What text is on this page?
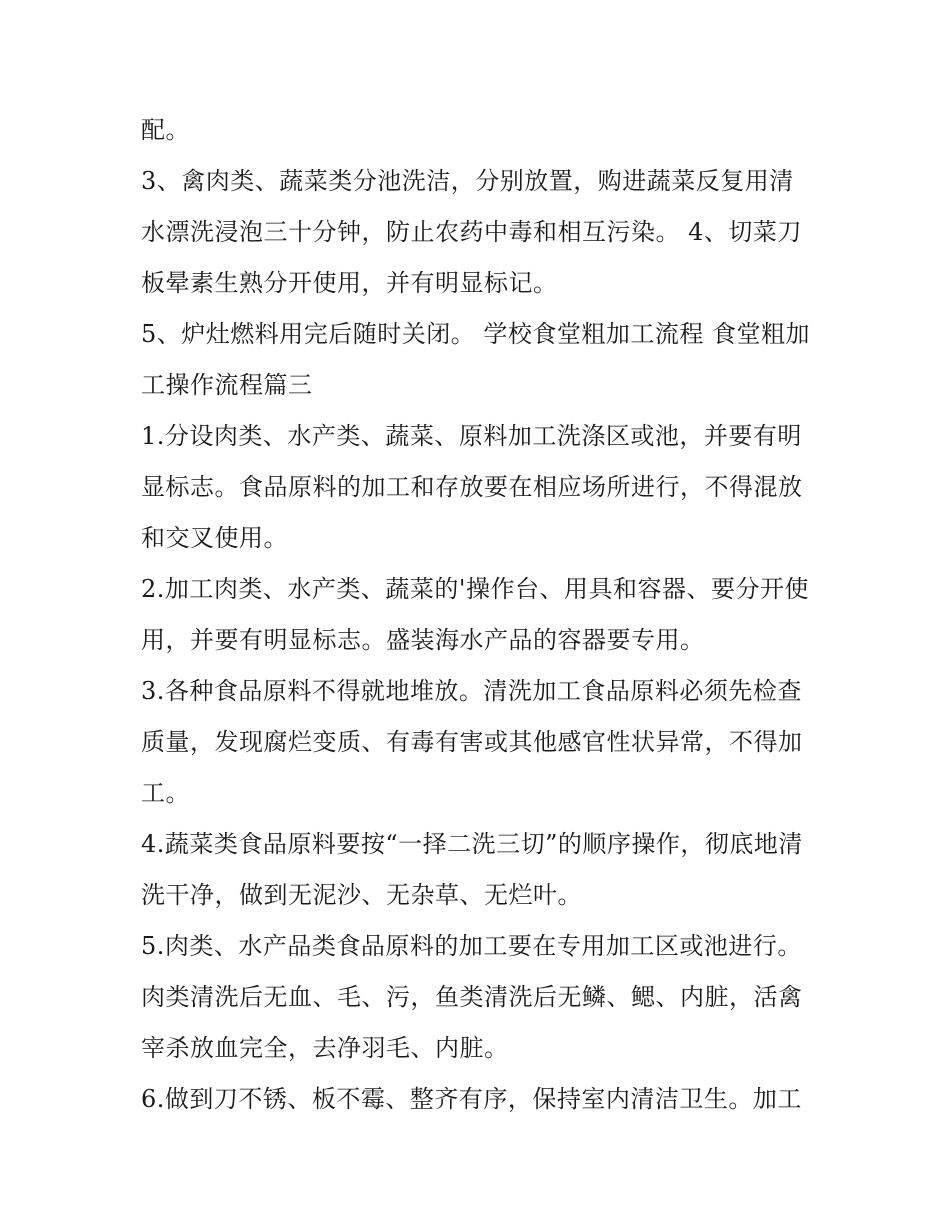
配。
3、禽肉类、蔬菜类分池洗洁，分别放置，购进蔬菜反复用清
水漂洗浸泡三十分钟，防止农药中毒和相互污染。 4、切菜刀
板晕素生熟分开使用，并有明显标记。
5、炉灶燃料用完后随时关闭。 学校食堂粗加工流程 食堂粗加
工操作流程篇三
1.分设肉类、水产类、蔬菜、原料加工洗涤区或池，并要有明
显标志。食品原料的加工和存放要在相应场所进行，不得混放
和交叉使用。
2.加工肉类、水产类、蔬菜的'操作台、用具和容器、要分开使
用，并要有明显标志。盛装海水产品的容器要专用。
3.各种食品原料不得就地堆放。清洗加工食品原料必须先检查
质量，发现腐烂变质、有毒有害或其他感官性状异常，不得加
工。
4.蔬菜类食品原料要按“一择二洗三切”的顺序操作，彻底地清
洗干净，做到无泥沙、无杂草、无烂叶。
5.肉类、水产品类食品原料的加工要在专用加工区或池进行。
肉类清洗后无血、毛、污，鱼类清洗后无鳞、鳃、内脏，活禽
宰杀放血完全，去净羽毛、内脏。
6.做到刀不锈、板不霉、整齐有序，保持室内清洁卫生。加工
